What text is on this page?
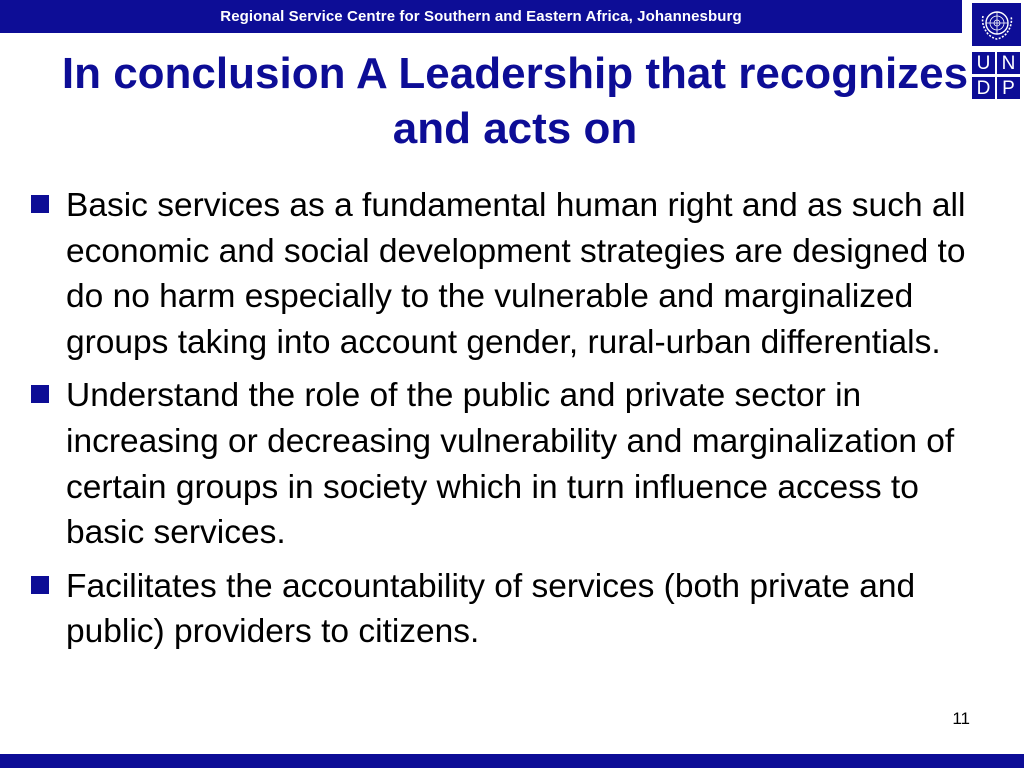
Regional Service Centre for Southern and Eastern Africa, Johannesburg
U N
D P
In conclusion A Leadership that recognizes and acts on
Basic services as a fundamental human right and as such all economic and social development strategies are designed to do no harm especially to the vulnerable and marginalized groups taking into account gender, rural-urban differentials.
Understand the role of the public and private sector in increasing or decreasing vulnerability and marginalization of certain groups in society which in turn influence access to basic services.
Facilitates the accountability of services (both private and public) providers to citizens.
11
